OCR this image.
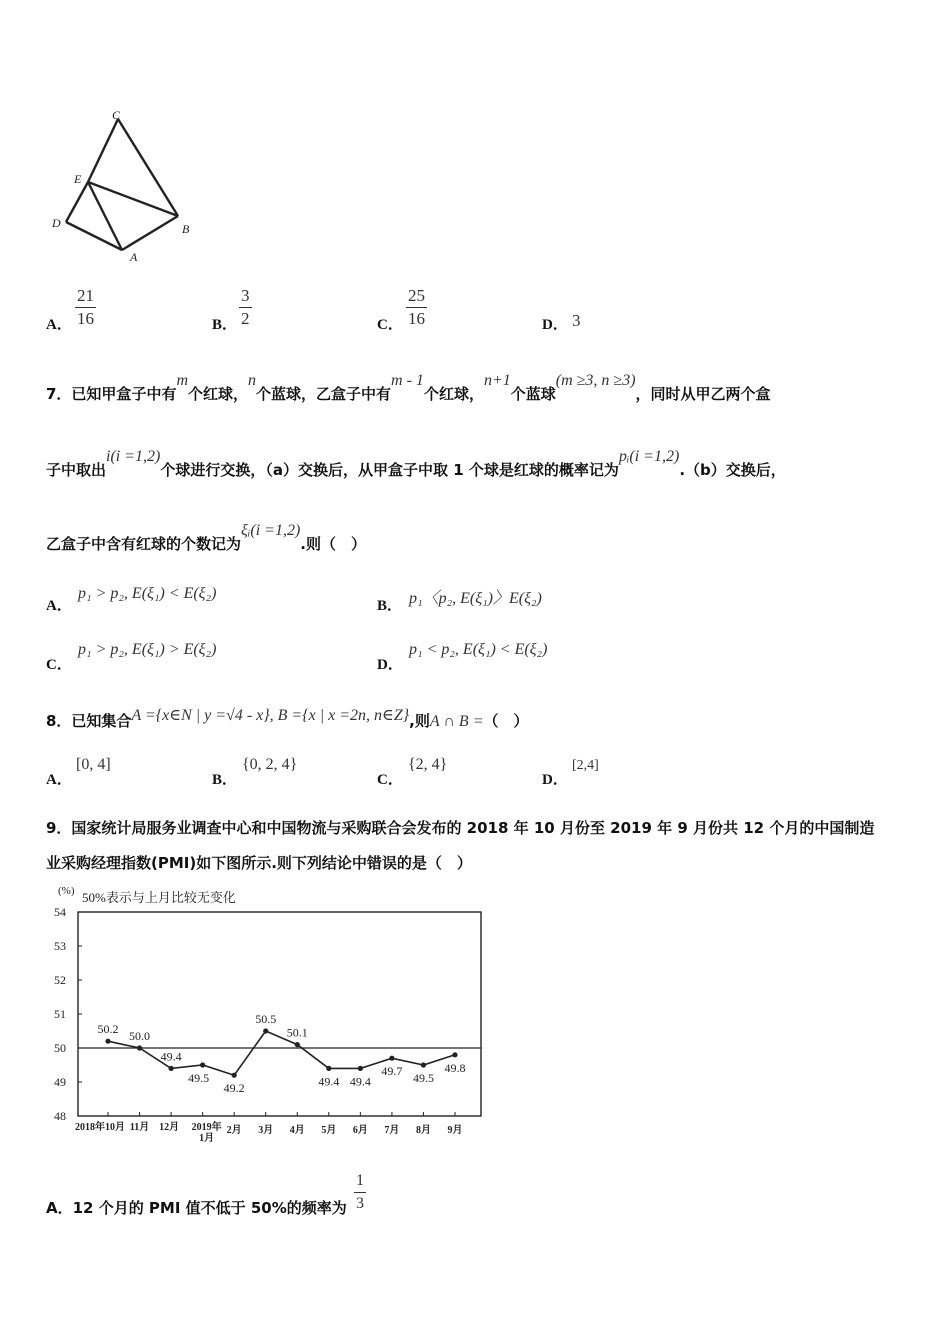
C
E
D	B
A
A． $\frac{21}{16}$	B． $\frac{3}{2}$	C． $\frac{25}{16}$	D． 3
7．已知甲盒子中有m个红球，n个蓝球，乙盒子中有m - 1个红球，n+1个蓝球(m ≥3, n ≥3)，同时从甲乙两个盒
子中取出i(i =1,2)个球进行交换，（a）交换后，从甲盒子中取 1 个球是红球的概率记为pᵢ(i =1,2).（b）交换后，
乙盒子中含有红球的个数记为ξᵢ(i =1,2).则（　）
A．
p₁ > p₂, E(ξ₁) < E(ξ₂)
B． p₁〈p₂, E(ξ₁)〉E(ξ₂)
C．
p₁ > p₂, E(ξ₁) > E(ξ₂)
D．
p₁ < p₂, E(ξ₁) < E(ξ₂)
8．已知集合A ={x∈N | y =√4 - x}, B ={x | x =2n, n∈Z},则A ∩ B =（　）
A．
[0, 4]
B．
{0, 2, 4}
C．
{2, 4}
D．
[2,4]
9．国家统计局服务业调查中心和中国物流与采购联合会发布的 2018 年 10 月份至 2019 年 9 月份共 12 个月的中国制造
业采购经理指数(PMI)如下图所示.则下列结论中错误的是（　）
(%) 50%表示与上月比较无变化
48
49
50
51
52
53
54
2018年10月 11月 12月 2019年
1月
2月 3月 4月 5月 6月 7月 8月 9月
50.2 50.0
49.4
49.5
49.2
50.5
50.1
49.4 49.4
49.7 49.5
49.8
A．12 个月的 PMI 值不低于 50%的频率为 $\frac{1}{3}$
